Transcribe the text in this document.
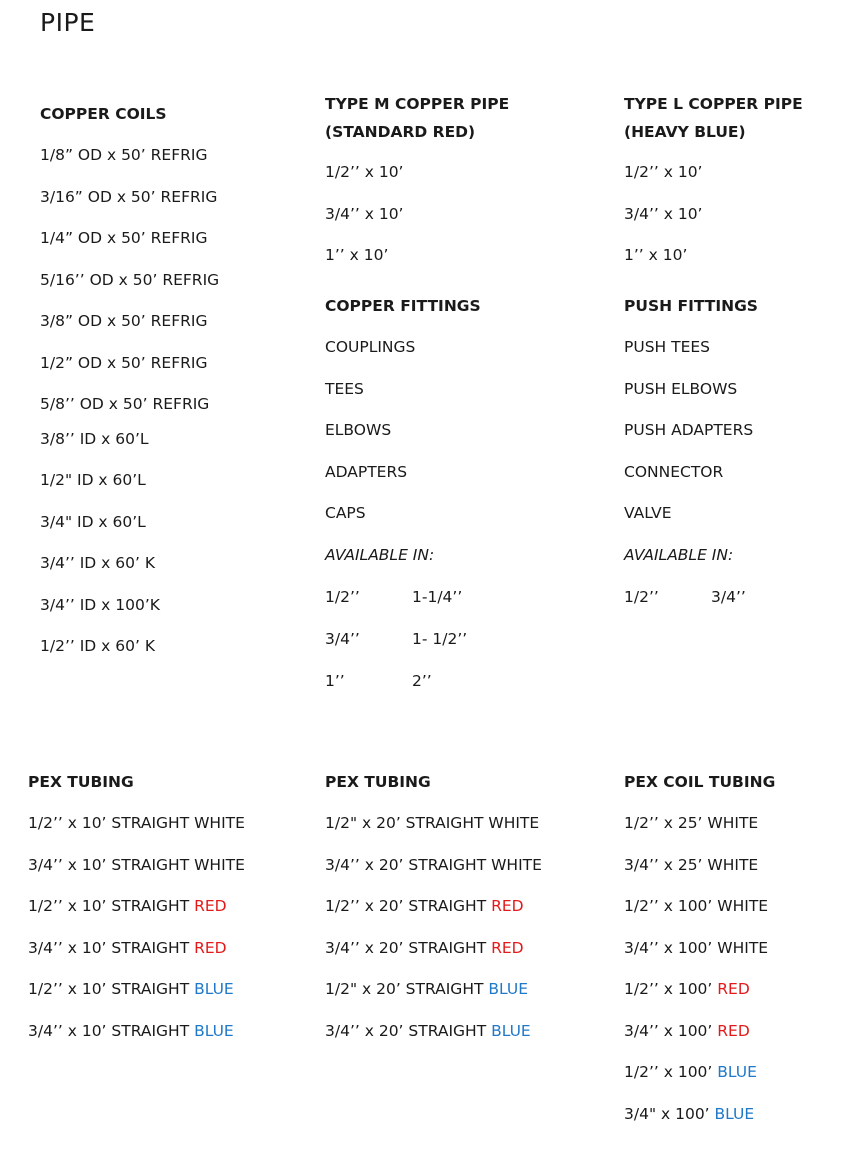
PIPE
COPPER COILS
1/8” OD x 50’ REFRIG
3/16” OD x 50’ REFRIG
1/4” OD x 50’ REFRIG
5/16’’ OD x 50’ REFRIG
3/8” OD x 50’ REFRIG
1/2” OD x 50’ REFRIG
5/8’’ OD x 50’ REFRIG
3/8’’ ID x 60’L
1/2" ID x 60’L
3/4" ID x 60’L
3/4’’ ID x 60’ K
3/4’’ ID x 100’K
1/2’’ ID x 60’ K
TYPE M COPPER PIPE
(STANDARD RED)
1/2’’ x 10’
3/4’’ x 10’
1’’ x 10’
COPPER FITTINGS
COUPLINGS
TEES
ELBOWS
ADAPTERS
CAPS
AVAILABLE IN:
1/2’’	1-1/4’’
3/4’’	1- 1/2’’
1’’	2’’
TYPE L COPPER PIPE
(HEAVY BLUE)
1/2’’ x 10’
3/4’’ x 10’
1’’ x 10’
PUSH FITTINGS
PUSH TEES
PUSH ELBOWS
PUSH ADAPTERS
CONNECTOR
VALVE
AVAILABLE IN:
1/2’’	3/4’’
PEX TUBING
1/2’’ x 10’ STRAIGHT WHITE
3/4’’ x 10’ STRAIGHT WHITE
1/2’’ x 10’ STRAIGHT RED
3/4’’ x 10’ STRAIGHT RED
1/2’’ x 10’ STRAIGHT BLUE
3/4’’ x 10’ STRAIGHT BLUE
PEX TUBING
1/2" x 20’ STRAIGHT WHITE
3/4’’ x 20’ STRAIGHT WHITE
1/2’’ x 20’ STRAIGHT RED
3/4’’ x 20’ STRAIGHT RED
1/2" x 20’ STRAIGHT BLUE
3/4’’ x 20’ STRAIGHT BLUE
PEX COIL TUBING
1/2’’ x 25’ WHITE
3/4’’ x 25’ WHITE
1/2’’ x 100’ WHITE
3/4’’ x 100’ WHITE
1/2’’ x 100’ RED
3/4’’ x 100’ RED
1/2’’ x 100’ BLUE
3/4" x 100’ BLUE
